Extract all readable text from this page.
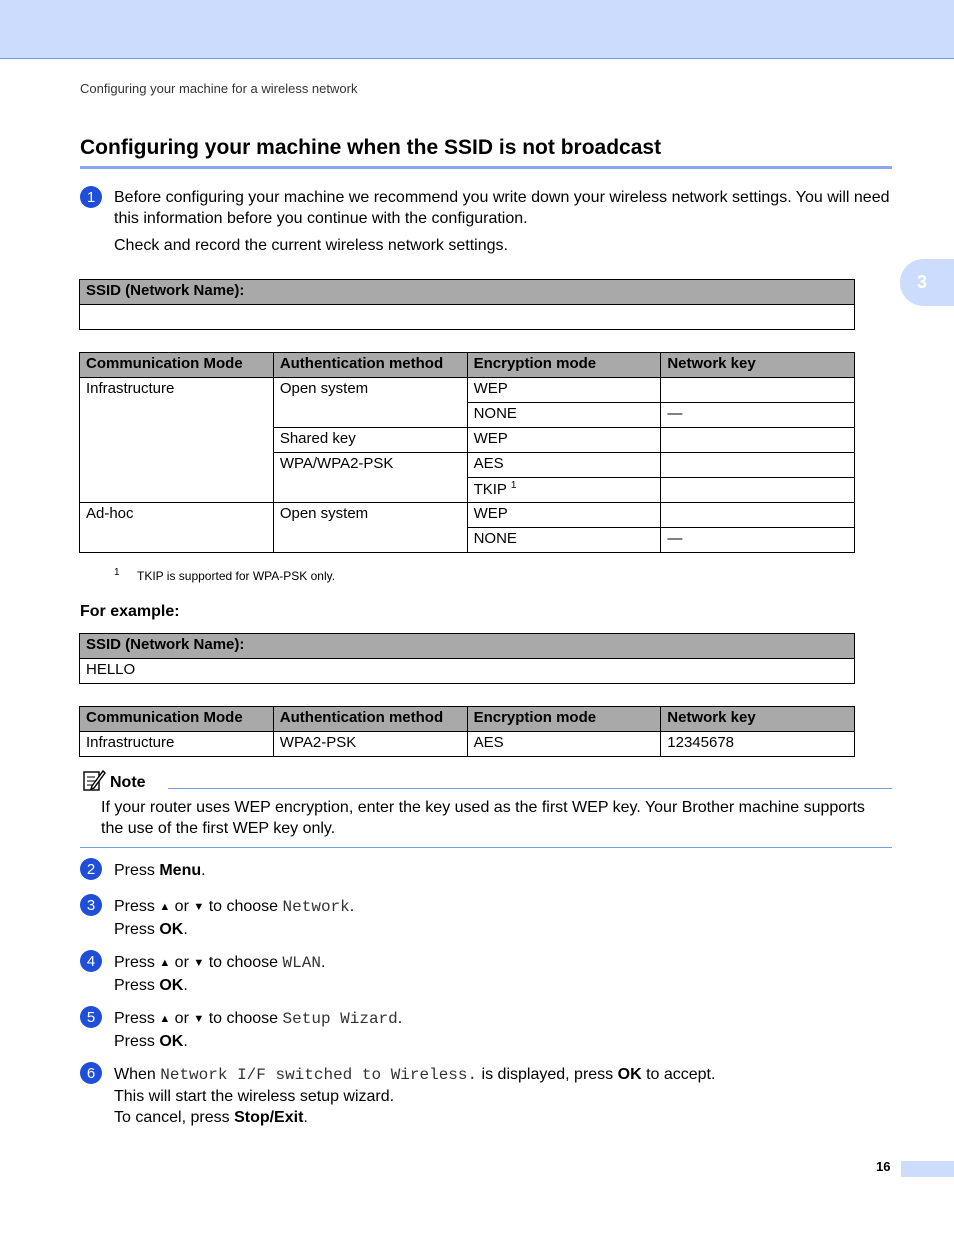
Configuring your machine for a wireless network
Configuring your machine when the SSID is not broadcast
3
1	Before configuring your machine we recommend you write down your wireless network settings. You will need this information before you continue with the configuration.
Check and record the current wireless network settings.
SSID (Network Name):

Communication Mode	Authentication method	Encryption mode	Network key
Infrastructure	Open system	WEP	
		NONE	—
	Shared key	WEP	
	WPA/WPA2-PSK	AES	
		TKIP $^1$	
Ad-hoc	Open system	WEP	
		NONE	—
1 TKIP is supported for WPA-PSK only.
For example:
SSID (Network Name):
HELLO
Communication Mode	Authentication method	Encryption mode	Network key
Infrastructure	WPA2-PSK	AES	12345678
Note
If your router uses WEP encryption, enter the key used as the first WEP key. Your Brother machine supports the use of the first WEP key only.
2	Press Menu.
3	Press ▲ or ▼ to choose Network.
Press OK.
4	Press ▲ or ▼ to choose WLAN.
Press OK.
5	Press ▲ or ▼ to choose Setup Wizard.
Press OK.
6	When Network I/F switched to Wireless. is displayed, press OK to accept.
This will start the wireless setup wizard.
To cancel, press Stop/Exit.
16
